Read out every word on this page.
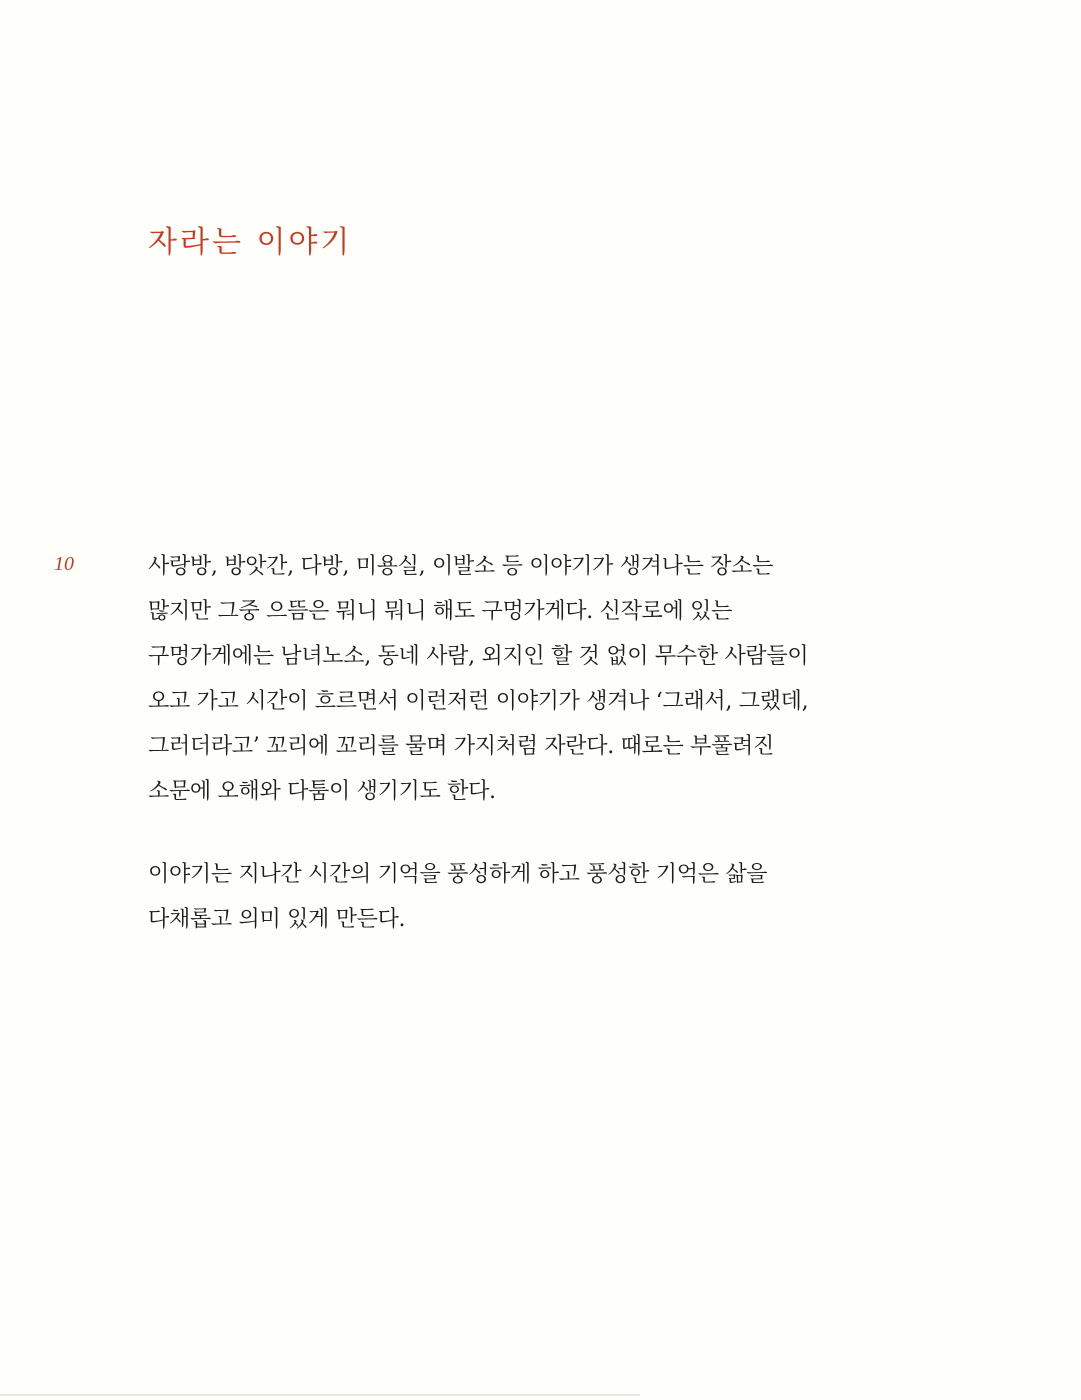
자라는 이야기
10	사랑방, 방앗간, 다방, 미용실, 이발소 등 이야기가 생겨나는 장소는
많지만 그중 으뜸은 뭐니 뭐니 해도 구멍가게다. 신작로에 있는
구멍가게에는 남녀노소, 동네 사람, 외지인 할 것 없이 무수한 사람들이
오고 가고 시간이 흐르면서 이런저런 이야기가 생겨나 ‘그래서, 그랬데,
그러더라고’ 꼬리에 꼬리를 물며 가지처럼 자란다. 때로는 부풀려진
소문에 오해와 다툼이 생기기도 한다.

이야기는 지나간 시간의 기억을 풍성하게 하고 풍성한 기억은 삶을
다채롭고 의미 있게 만든다.
